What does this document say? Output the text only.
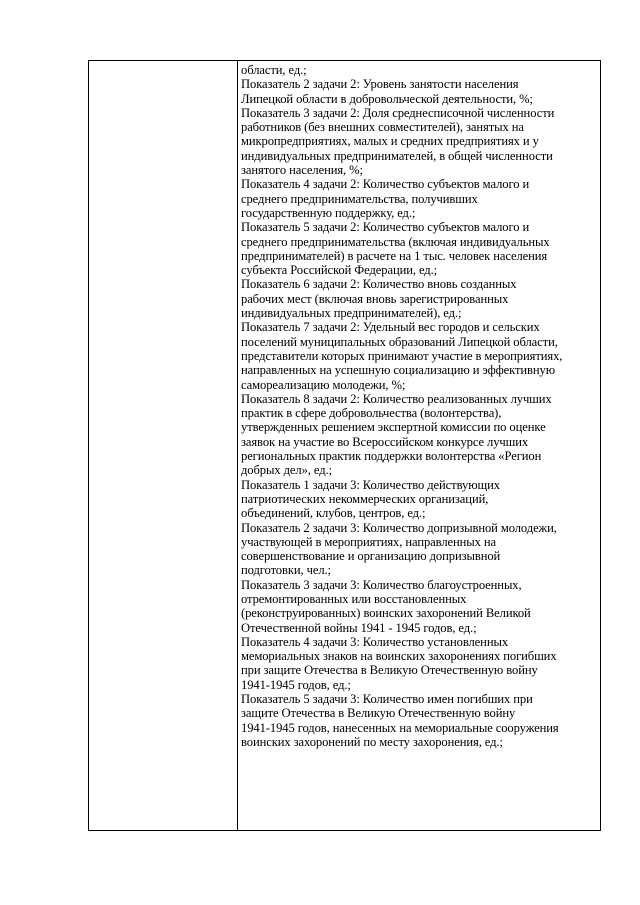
области, ед.;
Показатель 2 задачи 2: Уровень занятости населения
Липецкой области в добровольческой деятельности, %;
Показатель 3 задачи 2: Доля среднесписочной численности
работников (без внешних совместителей), занятых на
микропредприятиях, малых и средних предприятиях и у
индивидуальных предпринимателей, в общей численности
занятого населения, %;
Показатель 4 задачи 2: Количество субъектов малого и
среднего предпринимательства, получивших
государственную поддержку, ед.;
Показатель 5 задачи 2: Количество субъектов малого и
среднего предпринимательства (включая индивидуальных
предпринимателей) в расчете на 1 тыс. человек населения
субъекта Российской Федерации, ед.;
Показатель 6 задачи 2: Количество вновь созданных
рабочих мест (включая вновь зарегистрированных
индивидуальных предпринимателей), ед.;
Показатель 7 задачи 2: Удельный вес городов и сельских
поселений муниципальных образований Липецкой области,
представители которых принимают участие в мероприятиях,
направленных на успешную социализацию и эффективную
самореализацию молодежи, %;
Показатель 8 задачи 2: Количество реализованных лучших
практик в сфере добровольчества (волонтерства),
утвержденных решением экспертной комиссии по оценке
заявок на участие во Всероссийском конкурсе лучших
региональных практик поддержки волонтерства «Регион
добрых дел», ед.;
Показатель 1 задачи 3: Количество действующих
патриотических некоммерческих организаций,
объединений, клубов, центров, ед.;
Показатель 2 задачи 3: Количество допризывной молодежи,
участвующей в мероприятиях, направленных на
совершенствование и организацию допризывной
подготовки, чел.;
Показатель 3 задачи 3: Количество благоустроенных,
отремонтированных или восстановленных
(реконструированных) воинских захоронений Великой
Отечественной войны 1941 - 1945 годов, ед.;
Показатель 4 задачи 3: Количество установленных
мемориальных знаков на воинских захоронениях погибших
при защите Отечества в Великую Отечественную войну
1941-1945 годов, ед.;
Показатель 5 задачи 3: Количество имен погибших при
защите Отечества в Великую Отечественную войну
1941-1945 годов, нанесенных на мемориальные сооружения
воинских захоронений по месту захоронения, ед.;
